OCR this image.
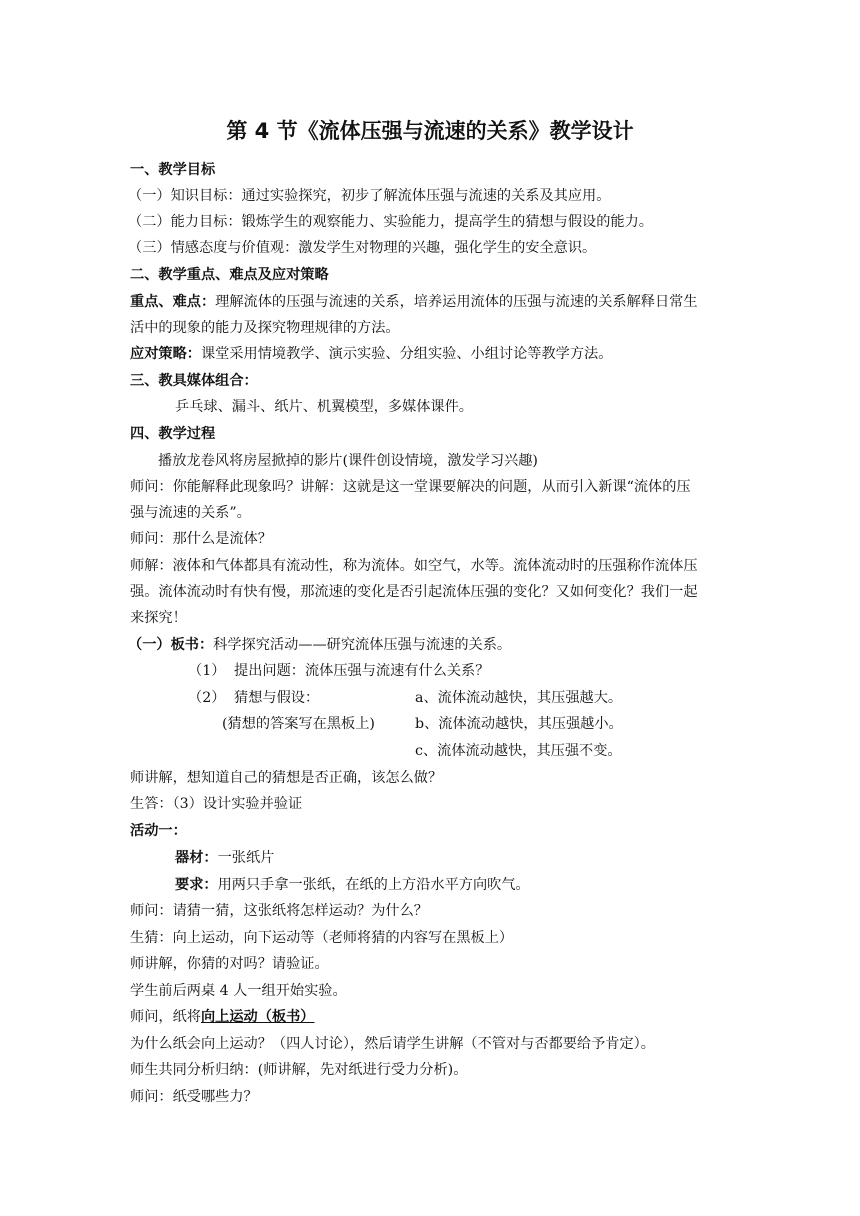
第 4 节《流体压强与流速的关系》教学设计
一、教学目标
（一）知识目标：通过实验探究，初步了解流体压强与流速的关系及其应用。
（二）能力目标：锻炼学生的观察能力、实验能力，提高学生的猜想与假设的能力。
（三）情感态度与价值观：激发学生对物理的兴趣，强化学生的安全意识。
二、教学重点、难点及应对策略
重点、难点：理解流体的压强与流速的关系，培养运用流体的压强与流速的关系解释日常生
活中的现象的能力及探究物理规律的方法。
应对策略：课堂采用情境教学、演示实验、分组实验、小组讨论等教学方法。
三、教具媒体组合：
乒乓球、漏斗、纸片、机翼模型，多媒体课件。
四、教学过程
播放龙卷风将房屋掀掉的影片(课件创设情境，激发学习兴趣)
师问：你能解释此现象吗？讲解：这就是这一堂课要解决的问题，从而引入新课“流体的压
强与流速的关系”。
师问：那什么是流体？
师解：液体和气体都具有流动性，称为流体。如空气，水等。流体流动时的压强称作流体压
强。流体流动时有快有慢，那流速的变化是否引起流体压强的变化？又如何变化？我们一起
来探究！
（一）板书：科学探究活动——研究流体压强与流速的关系。
（1） 提出问题：流体压强与流速有什么关系？
（2） 猜想与假设：	a、流体流动越快，其压强越大。
(猜想的答案写在黑板上)	b、流体流动越快，其压强越小。
c、流体流动越快，其压强不变。
师讲解，想知道自己的猜想是否正确，该怎么做？
生答：（3）设计实验并验证
活动一：
器材：一张纸片
要求：用两只手拿一张纸，在纸的上方沿水平方向吹气。
师问：请猜一猜，这张纸将怎样运动？为什么？
生猜：向上运动，向下运动等（老师将猜的内容写在黑板上）
师讲解，你猜的对吗？请验证。
学生前后两桌 4 人一组开始实验。
师问，纸将向上运动（板书）
为什么纸会向上运动？（四人讨论），然后请学生讲解（不管对与否都要给予肯定）。
师生共同分析归纳：(师讲解，先对纸进行受力分析)。
师问：纸受哪些力？
